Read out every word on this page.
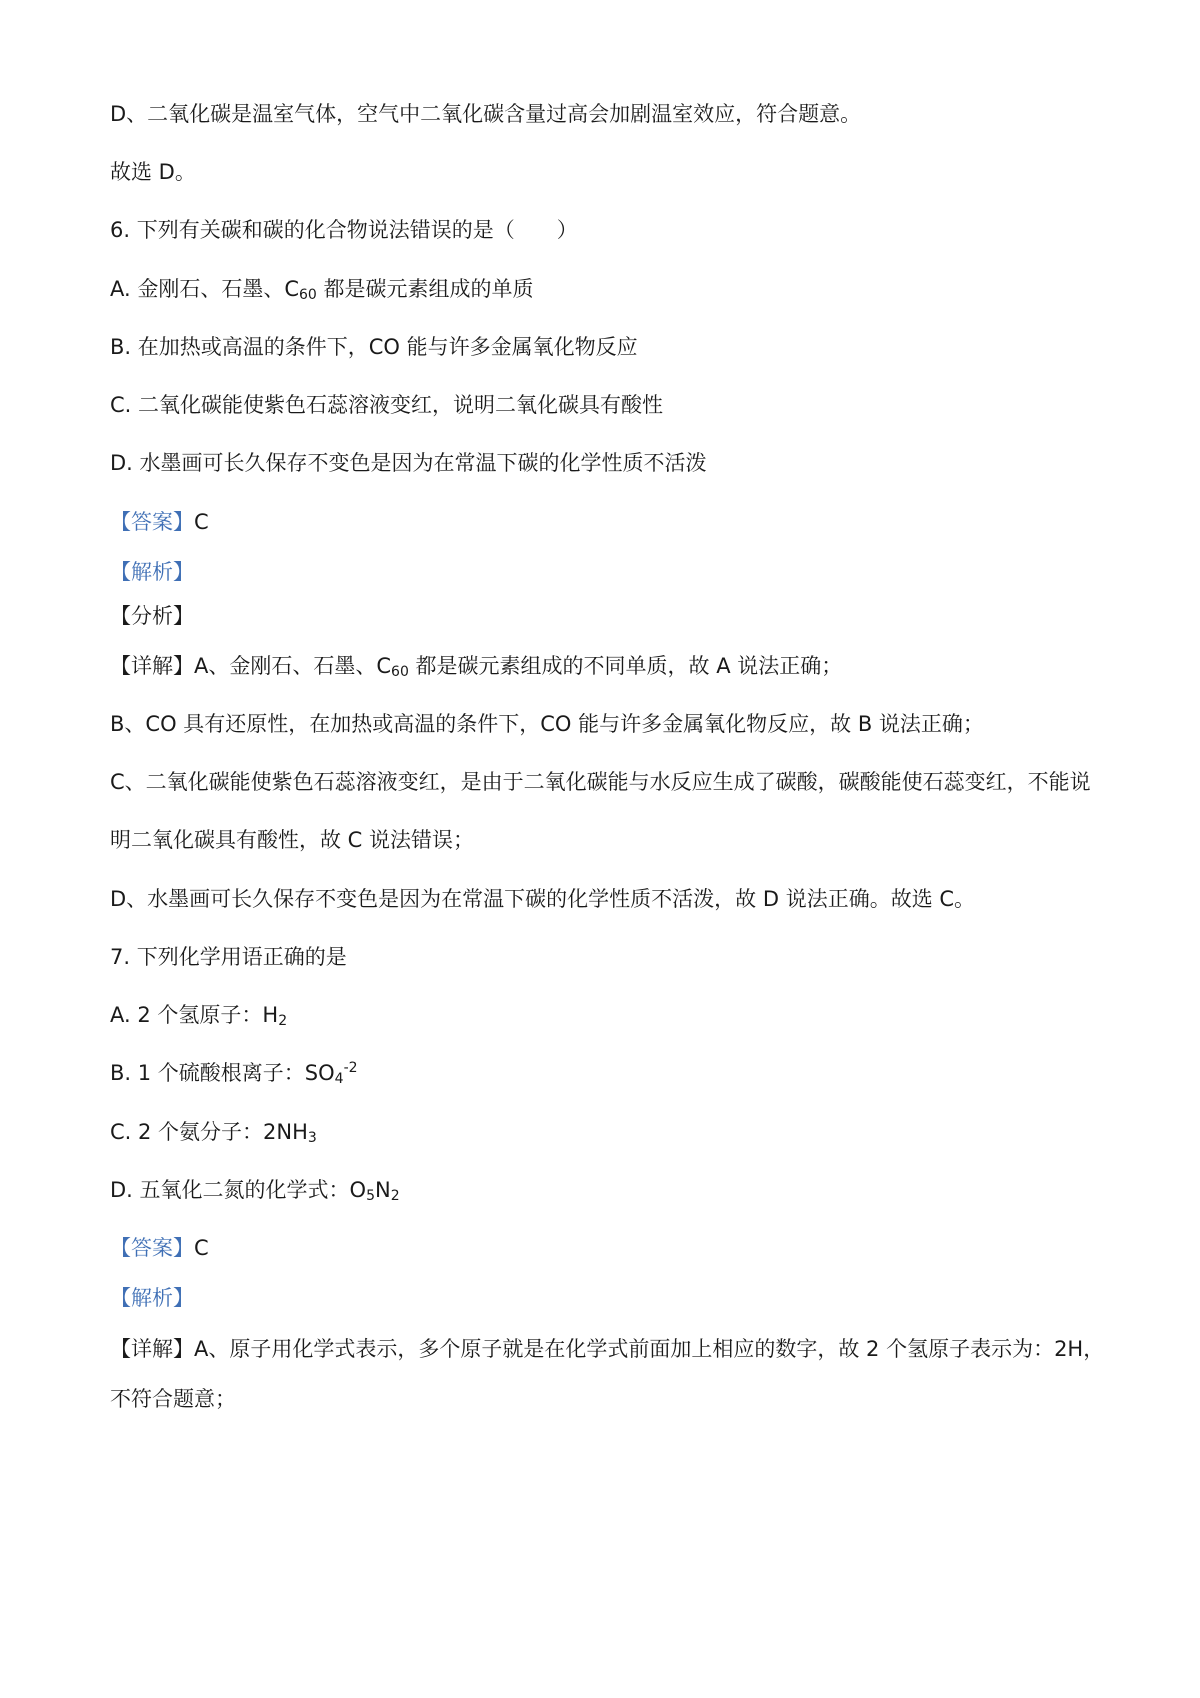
D、二氧化碳是温室气体，空气中二氧化碳含量过高会加剧温室效应，符合题意。
故选 D。
6. 下列有关碳和碳的化合物说法错误的是（　　）
A. 金刚石、石墨、$C_{60}$ 都是碳元素组成的单质
B. 在加热或高温的条件下，CO 能与许多金属氧化物反应
C. 二氧化碳能使紫色石蕊溶液变红，说明二氧化碳具有酸性
D. 水墨画可长久保存不变色是因为在常温下碳的化学性质不活泼
【答案】C
【解析】
【分析】
【详解】A、金刚石、石墨、$C_{60}$ 都是碳元素组成的不同单质，故 A 说法正确；
B、CO 具有还原性，在加热或高温的条件下，CO 能与许多金属氧化物反应，故 B 说法正确；
C、二氧化碳能使紫色石蕊溶液变红，是由于二氧化碳能与水反应生成了碳酸，碳酸能使石蕊变红，不能说
明二氧化碳具有酸性，故 C 说法错误；
D、水墨画可长久保存不变色是因为在常温下碳的化学性质不活泼，故 D 说法正确。故选 C。
7. 下列化学用语正确的是
A. 2 个氢原子：$H_2$
B. 1 个硫酸根离子：$SO_4^{-2}$
C. 2 个氨分子：$2NH_3$
D. 五氧化二氮的化学式：$O_5N_2$
【答案】C
【解析】
【详解】A、原子用化学式表示，多个原子就是在化学式前面加上相应的数字，故 2 个氢原子表示为：2H，
不符合题意；
